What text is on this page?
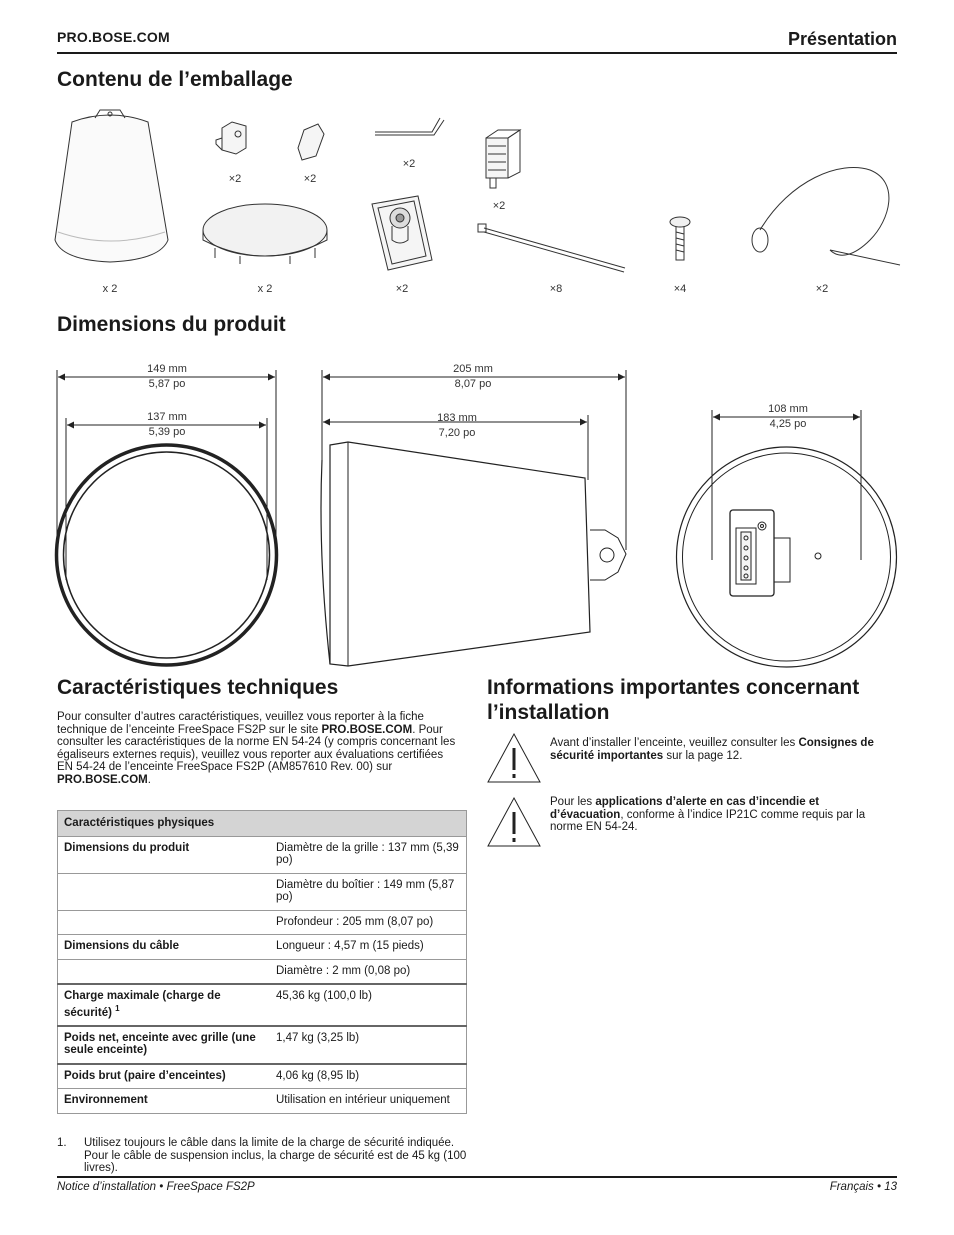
PRO.BOSE.COM	Présentation
Contenu de l’emballage
x 2
×2	×2
×2
×2
x 2	×2	×8	×4	×2
Dimensions du produit
149 mm
5,87 po
137 mm
5,39 po
205 mm
8,07 po
183 mm
7,20 po
108 mm
4,25 po
Caractéristiques techniques
Pour consulter d’autres caractéristiques, veuillez vous reporter à la fiche technique de l’enceinte FreeSpace FS2P sur le site PRO.BOSE.COM. Pour consulter les caractéristiques de la norme EN 54-24 (y compris concernant les égaliseurs externes requis), veuillez vous reporter aux évaluations certifiées EN 54-24 de l’enceinte FreeSpace FS2P (AM857610 Rev. 00) sur PRO.BOSE.COM.
Caractéristiques physiques	
Dimensions du produit	Diamètre de la grille : 137 mm (5,39 po)
	Diamètre du boîtier : 149 mm (5,87 po)
	Profondeur : 205 mm (8,07 po)
Dimensions du câble	Longueur : 4,57 m (15 pieds)
	Diamètre : 2 mm (0,08 po)
Charge maximale (charge de sécurité) $^1$	45,36 kg (100,0 lb)
Poids net, enceinte avec grille (une seule enceinte)	1,47 kg (3,25 lb)
Poids brut (paire d’enceintes)	4,06 kg (8,95 lb)
Environnement	Utilisation en intérieur uniquement
1. Utilisez toujours le câble dans la limite de la charge de sécurité indiquée. Pour le câble de suspension inclus, la charge de sécurité est de 45 kg (100 livres).
Informations importantes concernant l’installation
Avant d’installer l’enceinte, veuillez consulter les Consignes de sécurité importantes sur la page 12.
Pour les applications d’alerte en cas d’incendie et d’évacuation, conforme à l’indice IP21C comme requis par la norme EN 54-24.
Notice d’installation • FreeSpace FS2P	Français • 13
